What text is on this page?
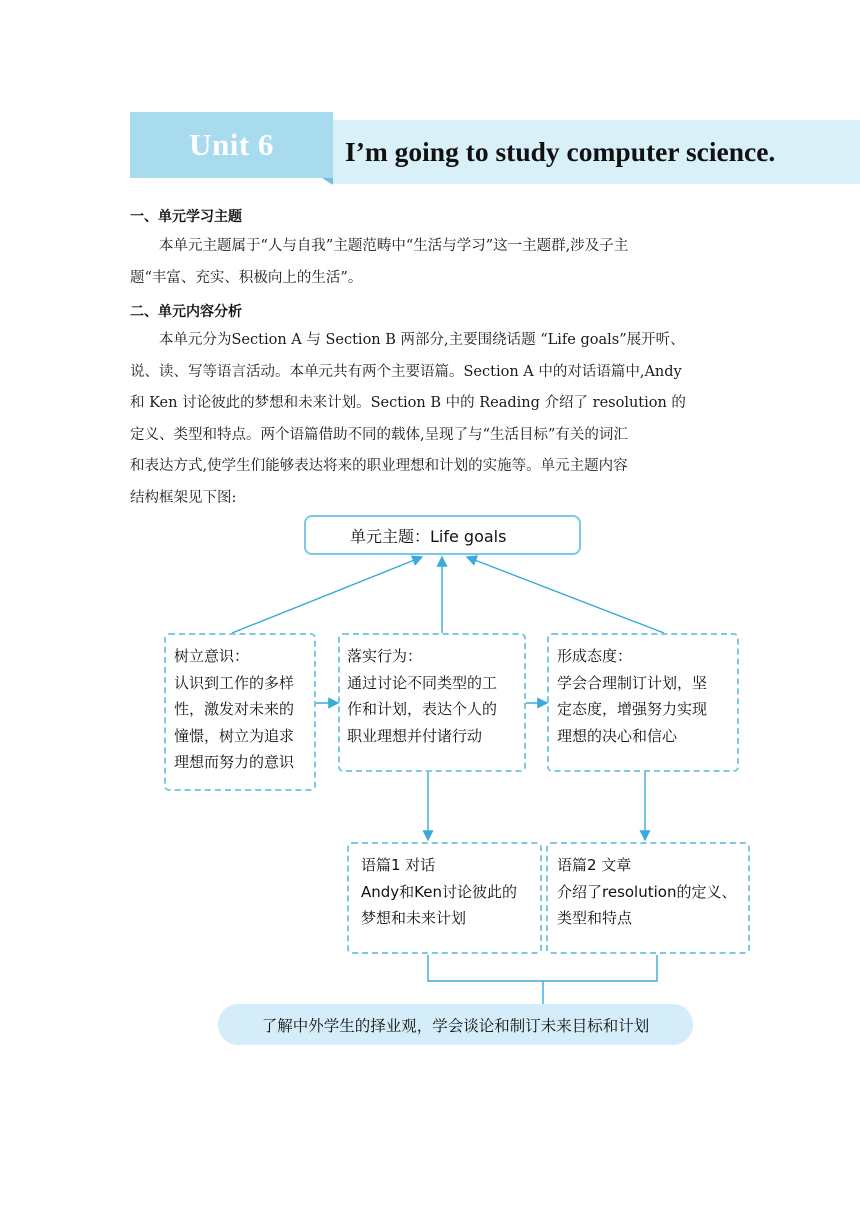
Unit 6	I’m going to study computer science.
一、单元学习主题
本单元主题属于“人与自我”主题范畴中“生活与学习”这一主题群,涉及子主
题“丰富、充实、积极向上的生活”。
二、单元内容分析
本单元分为Section A 与 Section B 两部分,主要围绕话题 “Life goals”展开听、
说、读、写等语言活动。本单元共有两个主要语篇。Section A 中的对话语篇中,Andy
和 Ken 讨论彼此的梦想和未来计划。Section B 中的 Reading 介绍了 resolution 的
定义、类型和特点。两个语篇借助不同的载体,呈现了与“生活目标”有关的词汇
和表达方式,使学生们能够表达将来的职业理想和计划的实施等。单元主题内容
结构框架见下图:
单元主题：Life goals
树立意识：
认识到工作的多样
性，激发对未来的
憧憬，树立为追求
理想而努力的意识
落实行为：
通过讨论不同类型的工
作和计划，表达个人的
职业理想并付诸行动
形成态度：
学会合理制订计划，坚
定态度，增强努力实现
理想的决心和信心
语篇1 对话
Andy和Ken讨论彼此的
梦想和未来计划
语篇2 文章
介绍了resolution的定义、
类型和特点
了解中外学生的择业观，学会谈论和制订未来目标和计划
